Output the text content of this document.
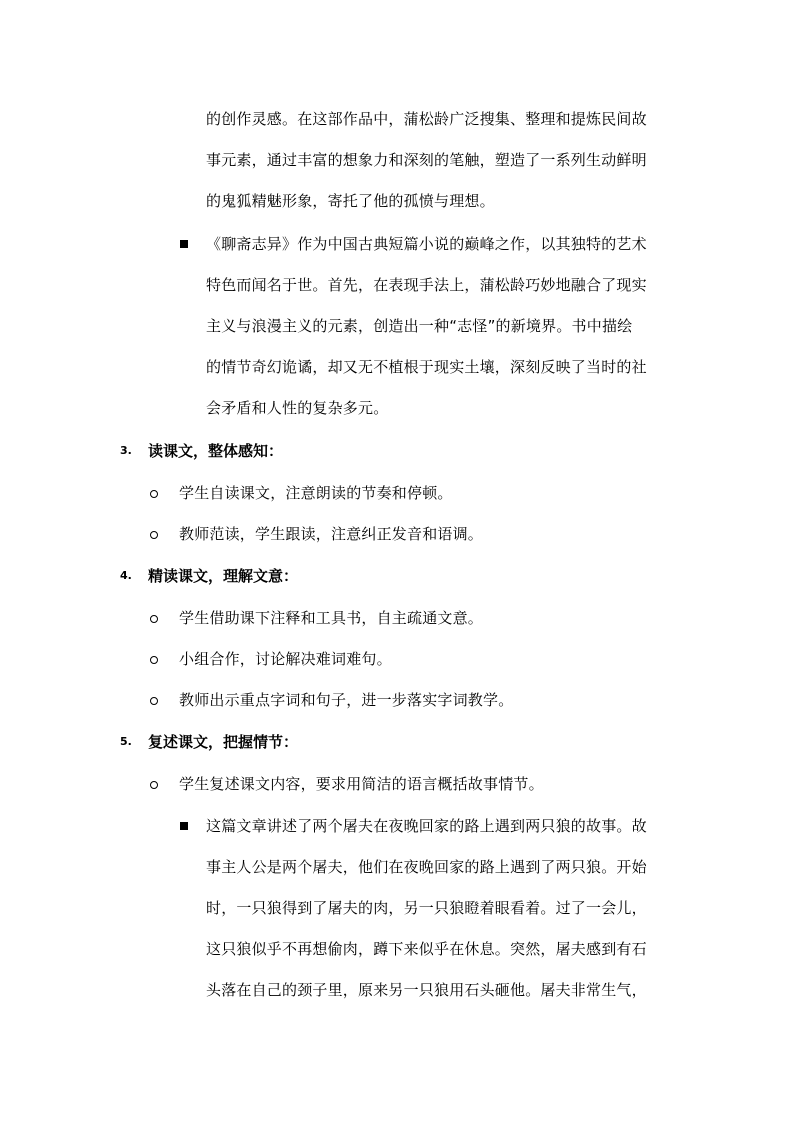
的创作灵感。在这部作品中，蒲松龄广泛搜集、整理和提炼民间故
事元素，通过丰富的想象力和深刻的笔触，塑造了一系列生动鲜明
的鬼狐精魅形象，寄托了他的孤愤与理想。
《聊斋志异》作为中国古典短篇小说的巅峰之作，以其独特的艺术
特色而闻名于世。首先，在表现手法上，蒲松龄巧妙地融合了现实
主义与浪漫主义的元素，创造出一种“志怪”的新境界。书中描绘
的情节奇幻诡谲，却又无不植根于现实土壤，深刻反映了当时的社
会矛盾和人性的复杂多元。
3. 读课文，整体感知：
学生自读课文，注意朗读的节奏和停顿。
教师范读，学生跟读，注意纠正发音和语调。
4. 精读课文，理解文意：
学生借助课下注释和工具书，自主疏通文意。
小组合作，讨论解决难词难句。
教师出示重点字词和句子，进一步落实字词教学。
5. 复述课文，把握情节：
学生复述课文内容，要求用简洁的语言概括故事情节。
这篇文章讲述了两个屠夫在夜晚回家的路上遇到两只狼的故事。故
事主人公是两个屠夫，他们在夜晚回家的路上遇到了两只狼。开始
时，一只狼得到了屠夫的肉，另一只狼瞪着眼看着。过了一会儿，
这只狼似乎不再想偷肉，蹲下来似乎在休息。突然，屠夫感到有石
头落在自己的颈子里，原来另一只狼用石头砸他。屠夫非常生气，
